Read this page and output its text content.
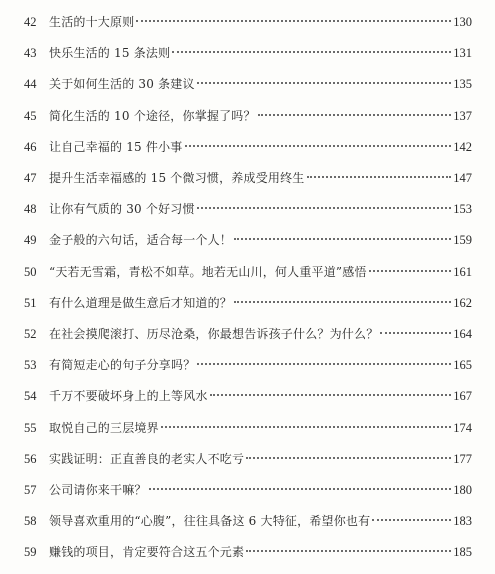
42	生活的十大原则	130
43	快乐生活的 15 条法则	131
44	关于如何生活的 30 条建议	135
45	简化生活的 10 个途径，你掌握了吗？	137
46	让自己幸福的 15 件小事	142
47	提升生活幸福感的 15 个微习惯，养成受用终生	147
48	让你有气质的 30 个好习惯	153
49	金子般的六句话，适合每一个人！	159
50	“天若无雪霜，青松不如草。地若无山川，何人重平道”感悟	161
51	有什么道理是做生意后才知道的？	162
52	在社会摸爬滚打、历尽沧桑，你最想告诉孩子什么？为什么？	164
53	有简短走心的句子分享吗？	165
54	千万不要破坏身上的上等风水	167
55	取悦自己的三层境界	174
56	实践证明：正直善良的老实人不吃亏	177
57	公司请你来干嘛？	180
58	领导喜欢重用的“心腹”，往往具备这 6 大特征，希望你也有	183
59	赚钱的项目，肯定要符合这五个元素	185
